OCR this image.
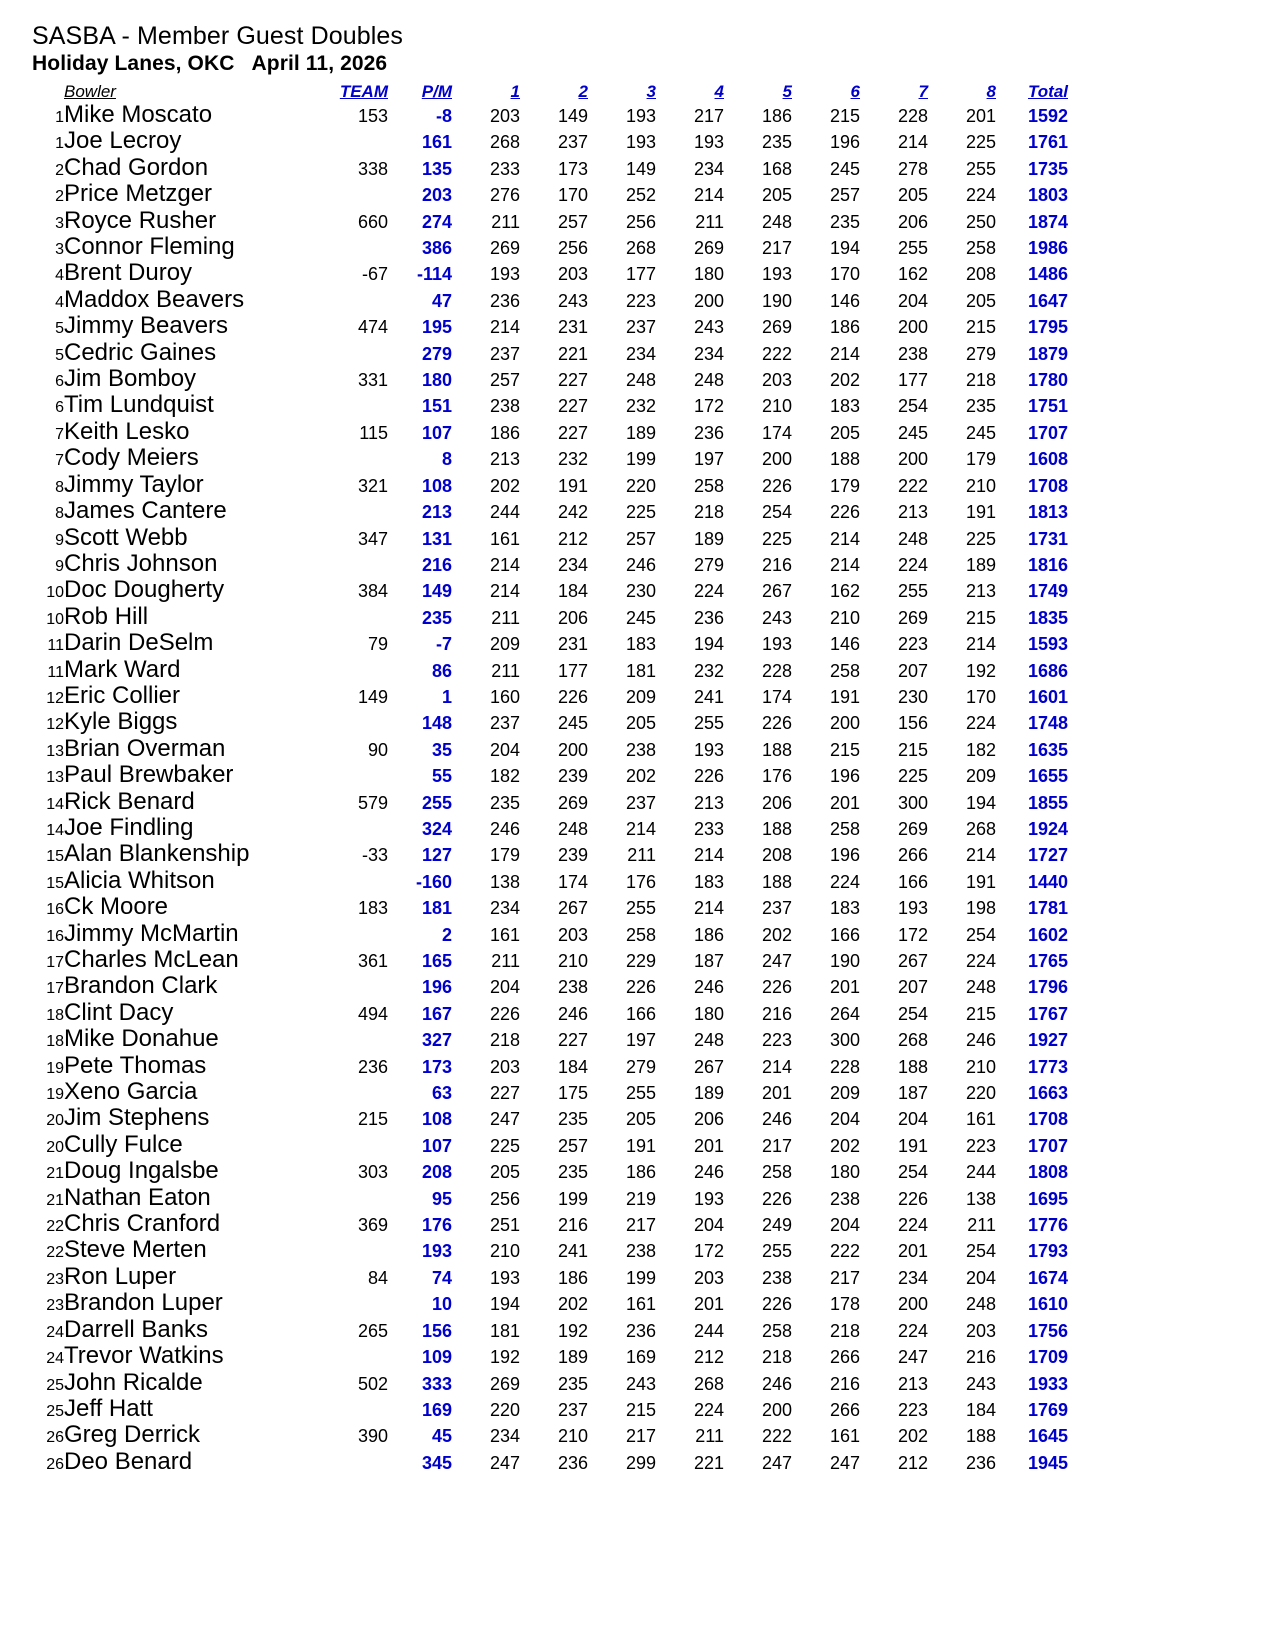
SASBA - Member Guest Doubles
Holiday Lanes, OKC   April 11, 2026
	Bowler	TEAM	P/M	1	2	3	4	5	6	7	8	Total
1	Mike Moscato	153	-8	203	149	193	217	186	215	228	201	1592
1	Joe Lecroy		161	268	237	193	193	235	196	214	225	1761
2	Chad Gordon	338	135	233	173	149	234	168	245	278	255	1735
2	Price Metzger		203	276	170	252	214	205	257	205	224	1803
3	Royce Rusher	660	274	211	257	256	211	248	235	206	250	1874
3	Connor Fleming		386	269	256	268	269	217	194	255	258	1986
4	Brent Duroy	-67	-114	193	203	177	180	193	170	162	208	1486
4	Maddox Beavers		47	236	243	223	200	190	146	204	205	1647
5	Jimmy Beavers	474	195	214	231	237	243	269	186	200	215	1795
5	Cedric Gaines		279	237	221	234	234	222	214	238	279	1879
6	Jim Bomboy	331	180	257	227	248	248	203	202	177	218	1780
6	Tim Lundquist		151	238	227	232	172	210	183	254	235	1751
7	Keith Lesko	115	107	186	227	189	236	174	205	245	245	1707
7	Cody Meiers		8	213	232	199	197	200	188	200	179	1608
8	Jimmy Taylor	321	108	202	191	220	258	226	179	222	210	1708
8	James Cantere		213	244	242	225	218	254	226	213	191	1813
9	Scott Webb	347	131	161	212	257	189	225	214	248	225	1731
9	Chris Johnson		216	214	234	246	279	216	214	224	189	1816
10	Doc Dougherty	384	149	214	184	230	224	267	162	255	213	1749
10	Rob Hill		235	211	206	245	236	243	210	269	215	1835
11	Darin DeSelm	79	-7	209	231	183	194	193	146	223	214	1593
11	Mark Ward		86	211	177	181	232	228	258	207	192	1686
12	Eric Collier	149	1	160	226	209	241	174	191	230	170	1601
12	Kyle Biggs		148	237	245	205	255	226	200	156	224	1748
13	Brian Overman	90	35	204	200	238	193	188	215	215	182	1635
13	Paul Brewbaker		55	182	239	202	226	176	196	225	209	1655
14	Rick Benard	579	255	235	269	237	213	206	201	300	194	1855
14	Joe Findling		324	246	248	214	233	188	258	269	268	1924
15	Alan Blankenship	-33	127	179	239	211	214	208	196	266	214	1727
15	Alicia Whitson		-160	138	174	176	183	188	224	166	191	1440
16	Ck Moore	183	181	234	267	255	214	237	183	193	198	1781
16	Jimmy McMartin		2	161	203	258	186	202	166	172	254	1602
17	Charles McLean	361	165	211	210	229	187	247	190	267	224	1765
17	Brandon Clark		196	204	238	226	246	226	201	207	248	1796
18	Clint Dacy	494	167	226	246	166	180	216	264	254	215	1767
18	Mike Donahue		327	218	227	197	248	223	300	268	246	1927
19	Pete Thomas	236	173	203	184	279	267	214	228	188	210	1773
19	Xeno Garcia		63	227	175	255	189	201	209	187	220	1663
20	Jim Stephens	215	108	247	235	205	206	246	204	204	161	1708
20	Cully Fulce		107	225	257	191	201	217	202	191	223	1707
21	Doug Ingalsbe	303	208	205	235	186	246	258	180	254	244	1808
21	Nathan Eaton		95	256	199	219	193	226	238	226	138	1695
22	Chris Cranford	369	176	251	216	217	204	249	204	224	211	1776
22	Steve Merten		193	210	241	238	172	255	222	201	254	1793
23	Ron Luper	84	74	193	186	199	203	238	217	234	204	1674
23	Brandon Luper		10	194	202	161	201	226	178	200	248	1610
24	Darrell Banks	265	156	181	192	236	244	258	218	224	203	1756
24	Trevor Watkins		109	192	189	169	212	218	266	247	216	1709
25	John Ricalde	502	333	269	235	243	268	246	216	213	243	1933
25	Jeff Hatt		169	220	237	215	224	200	266	223	184	1769
26	Greg Derrick	390	45	234	210	217	211	222	161	202	188	1645
26	Deo Benard		345	247	236	299	221	247	247	212	236	1945
